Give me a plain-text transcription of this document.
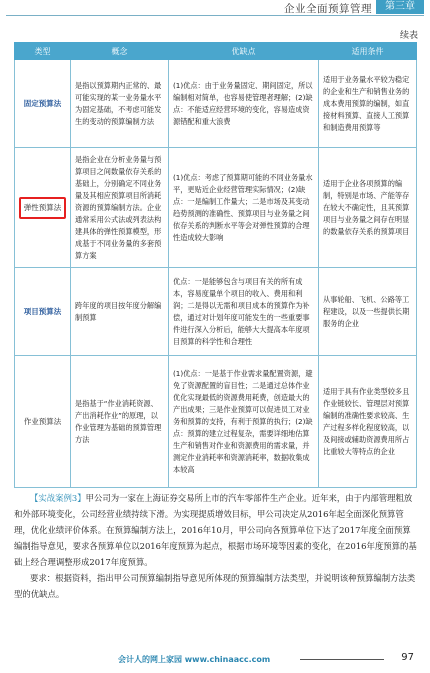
企业全面预算管理	第三章
续表
类型	概念	优缺点	适用条件
固定预算法	是指以预算期内正常的、最可能实现的某一业务量水平为固定基础，不考虑可能发生的变动的预算编制方法	(1)优点：由于业务量固定、期间固定，所以编制相对简单，也容易使管理者理解；(2)缺点：不能适应经营环境的变化，容易造成资源错配和重大浪费	适用于业务量水平较为稳定的企业和生产和销售业务的成本费用预算的编制，如直接材料预算、直接人工预算和制造费用预算等
弹性预算法	是指企业在分析业务量与预算项目之间数量依存关系的基础上，分别确定不同业务量及其相应预算项目所消耗资源的预算编制方法。企业通常采用公式法或列表法构建具体的弹性预算模型，形成基于不同业务量的多套预算方案	(1)优点：考虑了预算期可能的不同业务量水平，更贴近企业经营管理实际情况；(2)缺点：一是编制工作量大；二是市场及其变动趋势预测的准确性、预算项目与业务量之间依存关系的判断水平等会对弹性预算的合理性造成较大影响	适用于企业各项预算的编制，特别是市场、产能等存在较大不确定性，且其预算项目与业务量之间存在明显的数量依存关系的预算项目
项目预算法	跨年度的项目按年度分解编制预算	优点：一是能够包含与项目有关的所有成本，容易度量单个项目的收入、费用和利润；二是得以无需和项目成本的预算作为补偿，通过对计划年度可能发生的一些重要事件进行深入分析后，能够大大提高本年度项目预算的科学性和合理性	从事轮船、飞机、公路等工程建设，以及一些提供长期服务的企业
作业预算法	是指基于“作业消耗资源、产出消耗作业”的原理，以作业管理为基础的预算管理方法	(1)优点：一是基于作业需求量配置资源，避免了资源配置的盲目性；二是通过总体作业优化实现最低的资源费用耗费，创造最大的产出成果；三是作业预算可以促进员工对业务和预算的支持，有利于预算的执行；(2)缺点：预算的建立过程复杂，需要详细地估算生产和销售对作业和资源费用的需求量，并测定作业消耗率和资源消耗率，数据收集成本较高	适用于具有作业类型较多且作业链较长、管理层对预算编制的准确性要求较高、生产过程多样化程度较高，以及间接或辅助资源费用所占比重较大等特点的企业

【实战案例3】甲公司为一家在上海证券交易所上市的汽车零部件生产企业。近年来，由于内部管理粗放和外部环境变化，公司经营业绩持续下滑。为实现提质增效目标，甲公司决定从2016年起全面深化预算管理，优化业绩评价体系。在预算编制方法上，2016年10月，甲公司向各预算单位下达了2017年度全面预算编制指导意见，要求各预算单位以2016年度预算为起点，根据市场环境等因素的变化，在2016年度预算的基础上经合理调整形成2017年度预算。

要求：根据资料，指出甲公司预算编制指导意见所体现的预算编制方法类型，并说明该种预算编制方法类型的优缺点。

会计人的网上家园 www.chinaacc.com	97
